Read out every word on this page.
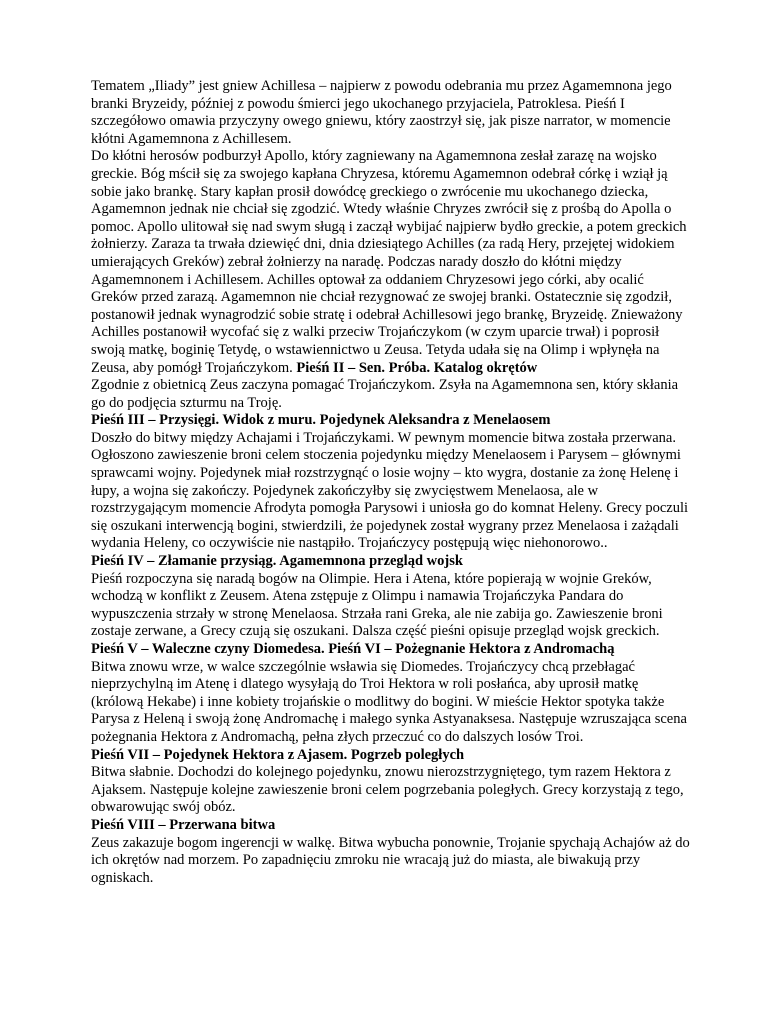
Tematem „Iliady” jest gniew Achillesa – najpierw z powodu odebrania mu przez Agamemnona jego branki Bryzeidy, później z powodu śmierci jego ukochanego przyjaciela, Patroklesa. Pieśń I szczegółowo omawia przyczyny owego gniewu, który zaostrzył się, jak pisze narrator, w momencie kłótni Agamemnona z Achillesem.

Do kłótni herosów podburzył Apollo, który zagniewany na Agamemnona zesłał zarazę na wojsko greckie. Bóg mścił się za swojego kapłana Chryzesa, któremu Agamemnon odebrał córkę i wziął ją sobie jako brankę. Stary kapłan prosił dowódcę greckiego o zwrócenie mu ukochanego dziecka, Agamemnon jednak nie chciał się zgodzić. Wtedy właśnie Chryzes zwrócił się z prośbą do Apolla o pomoc. Apollo ulitował się nad swym sługą i zaczął wybijać najpierw bydło greckie, a potem greckich żołnierzy. Zaraza ta trwała dziewięć dni, dnia dziesiątego Achilles (za radą Hery, przejętej widokiem umierających Greków) zebrał żołnierzy na naradę. Podczas narady doszło do kłótni między Agamemnonem i Achillesem. Achilles optował za oddaniem Chryzesowi jego córki, aby ocalić Greków przed zarazą. Agamemnon nie chciał rezygnować ze swojej branki. Ostatecznie się zgodził, postanowił jednak wynagrodzić sobie stratę i odebrał Achillesowi jego brankę, Bryzeidę. Znieważony Achilles postanowił wycofać się z walki przeciw Trojańczykom (w czym uparcie trwał) i poprosił swoją matkę, boginię Tetydę, o wstawiennictwo u Zeusa. Tetyda udała się na Olimp i wpłynęła na Zeusa, aby pomógł Trojańczykom. Pieśń II – Sen. Próba. Katalog okrętów

Zgodnie z obietnicą Zeus zaczyna pomagać Trojańczykom. Zsyła na Agamemnona sen, który skłania go do podjęcia szturmu na Troję.

Pieśń III – Przysięgi. Widok z muru. Pojedynek Aleksandra z Menelaosem

Doszło do bitwy między Achajami i Trojańczykami. W pewnym momencie bitwa została przerwana. Ogłoszono zawieszenie broni celem stoczenia pojedynku między Menelaosem i Parysem – głównymi sprawcami wojny. Pojedynek miał rozstrzygnąć o losie wojny – kto wygra, dostanie za żonę Helenę i łupy, a wojna się zakończy. Pojedynek zakończyłby się zwycięstwem Menelaosa, ale w rozstrzygającym momencie Afrodyta pomogła Parysowi i uniosła go do komnat Heleny. Grecy poczuli się oszukani interwencją bogini, stwierdzili, że pojedynek został wygrany przez Menelaosa i zażądali wydania Heleny, co oczywiście nie nastąpiło. Trojańczycy postępują więc niehonorowo..

Pieśń IV – Złamanie przysiąg. Agamemnona przegląd wojsk

Pieśń rozpoczyna się naradą bogów na Olimpie. Hera i Atena, które popierają w wojnie Greków, wchodzą w konflikt z Zeusem. Atena zstępuje z Olimpu i namawia Trojańczyka Pandara do wypuszczenia strzały w stronę Menelaosa. Strzała rani Greka, ale nie zabija go. Zawieszenie broni zostaje zerwane, a Grecy czują się oszukani. Dalsza część pieśni opisuje przegląd wojsk greckich.

Pieśń V – Waleczne czyny Diomedesa. Pieśń VI – Pożegnanie Hektora z Andromachą

Bitwa znowu wrze, w walce szczególnie wsławia się Diomedes. Trojańczycy chcą przebłagać nieprzychylną im Atenę i dlatego wysyłają do Troi Hektora w roli posłańca, aby uprosił matkę (królową Hekabe) i inne kobiety trojańskie o modlitwy do bogini. W mieście Hektor spotyka także Parysa z Heleną i swoją żonę Andromachę i małego synka Astyanaksesa. Następuje wzruszająca scena pożegnania Hektora z Andromachą, pełna złych przeczuć co do dalszych losów Troi.

Pieśń VII – Pojedynek Hektora z Ajasem. Pogrzeb poległych

Bitwa słabnie. Dochodzi do kolejnego pojedynku, znowu nierozstrzygniętego, tym razem Hektora z Ajaksem. Następuje kolejne zawieszenie broni celem pogrzebania poległych. Grecy korzystają z tego, obwarowując swój obóz.

Pieśń VIII – Przerwana bitwa

Zeus zakazuje bogom ingerencji w walkę. Bitwa wybucha ponownie, Trojanie spychają Achajów aż do ich okrętów nad morzem. Po zapadnięciu zmroku nie wracają już do miasta, ale biwakują przy ogniskach.
